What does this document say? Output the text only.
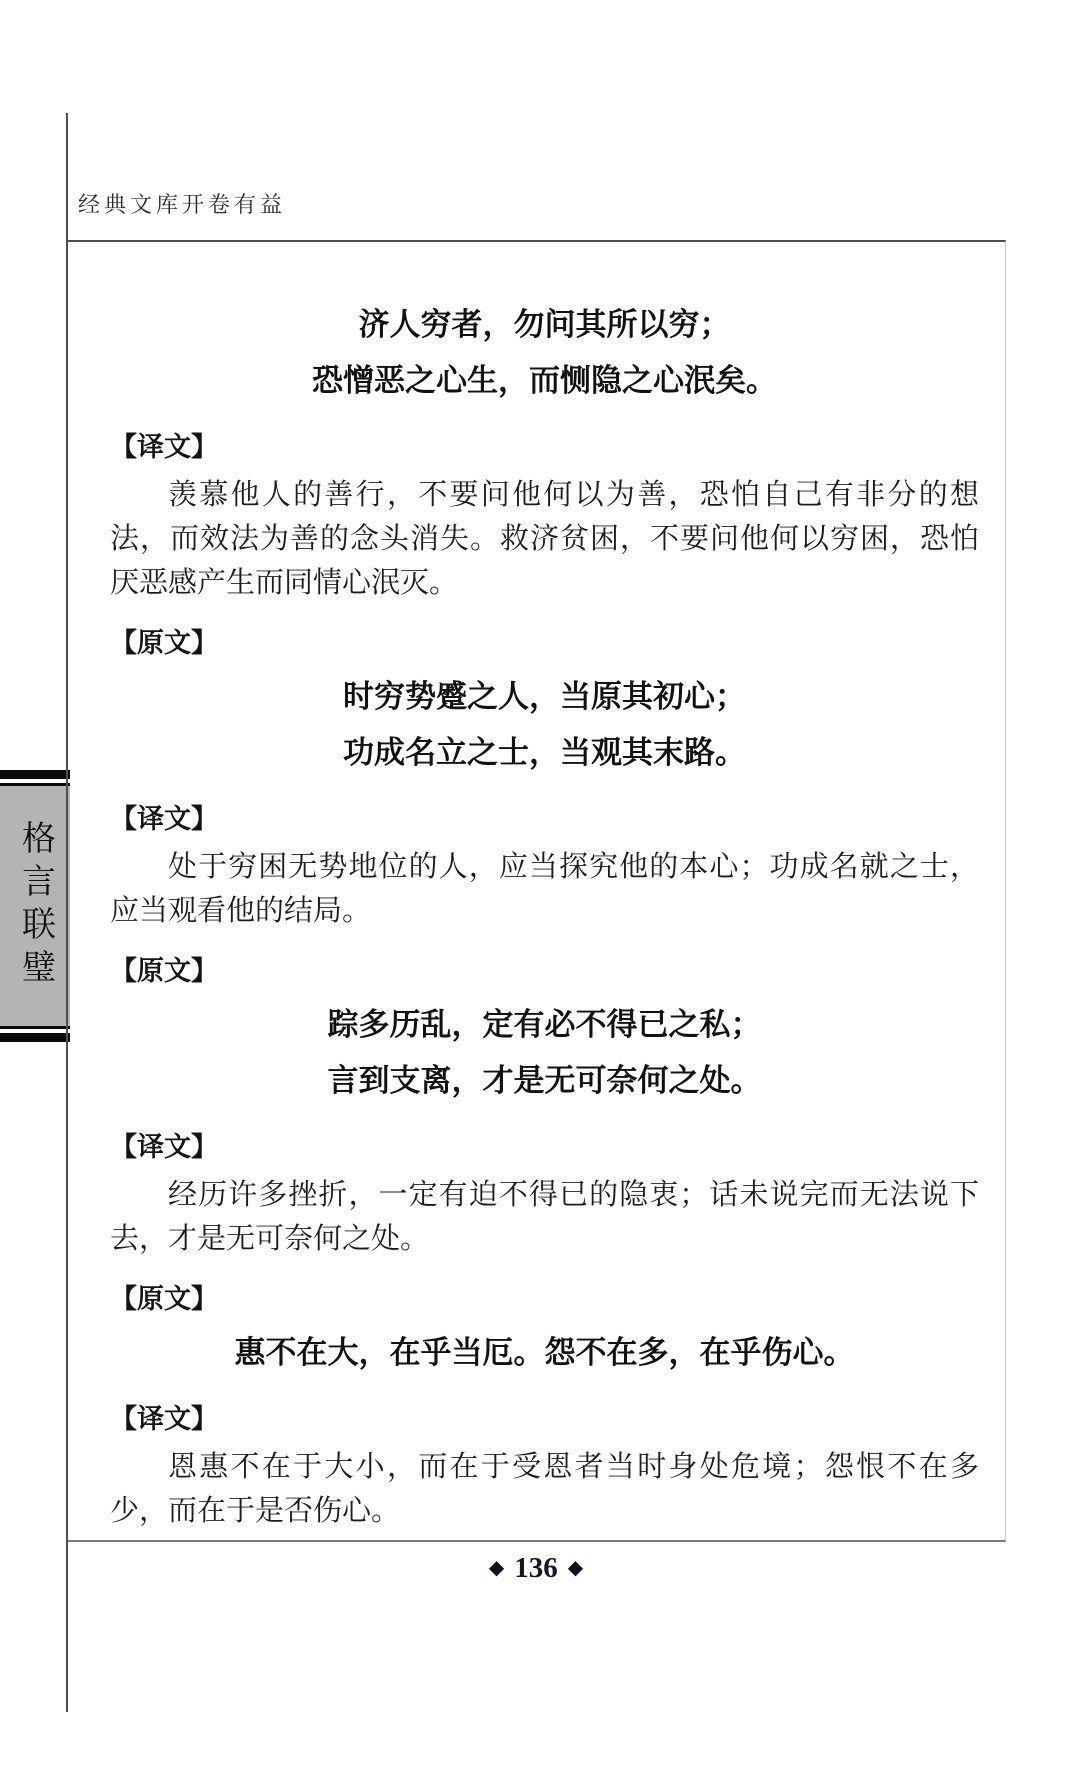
经典文库开卷有益
济人穷者，勿问其所以穷；
恐憎恶之心生，而恻隐之心泯矣。
【译文】

羡慕他人的善行，不要问他何以为善，恐怕自己有非分的想法，而效法为善的念头消失。救济贫困，不要问他何以穷困，恐怕厌恶感产生而同情心泯灭。

【原文】
时穷势蹙之人，当原其初心；
功成名立之士，当观其末路。
【译文】

处于穷困无势地位的人，应当探究他的本心；功成名就之士，应当观看他的结局。

【原文】
踪多历乱，定有必不得已之私；
言到支离，才是无可奈何之处。
【译文】

经历许多挫折，一定有迫不得已的隐衷；话未说完而无法说下去，才是无可奈何之处。

【原文】
惠不在大，在乎当厄。怨不在多，在乎伤心。
【译文】

恩惠不在于大小，而在于受恩者当时身处危境；怨恨不在多少，而在于是否伤心。

格言联璧
◆ 136 ◆
